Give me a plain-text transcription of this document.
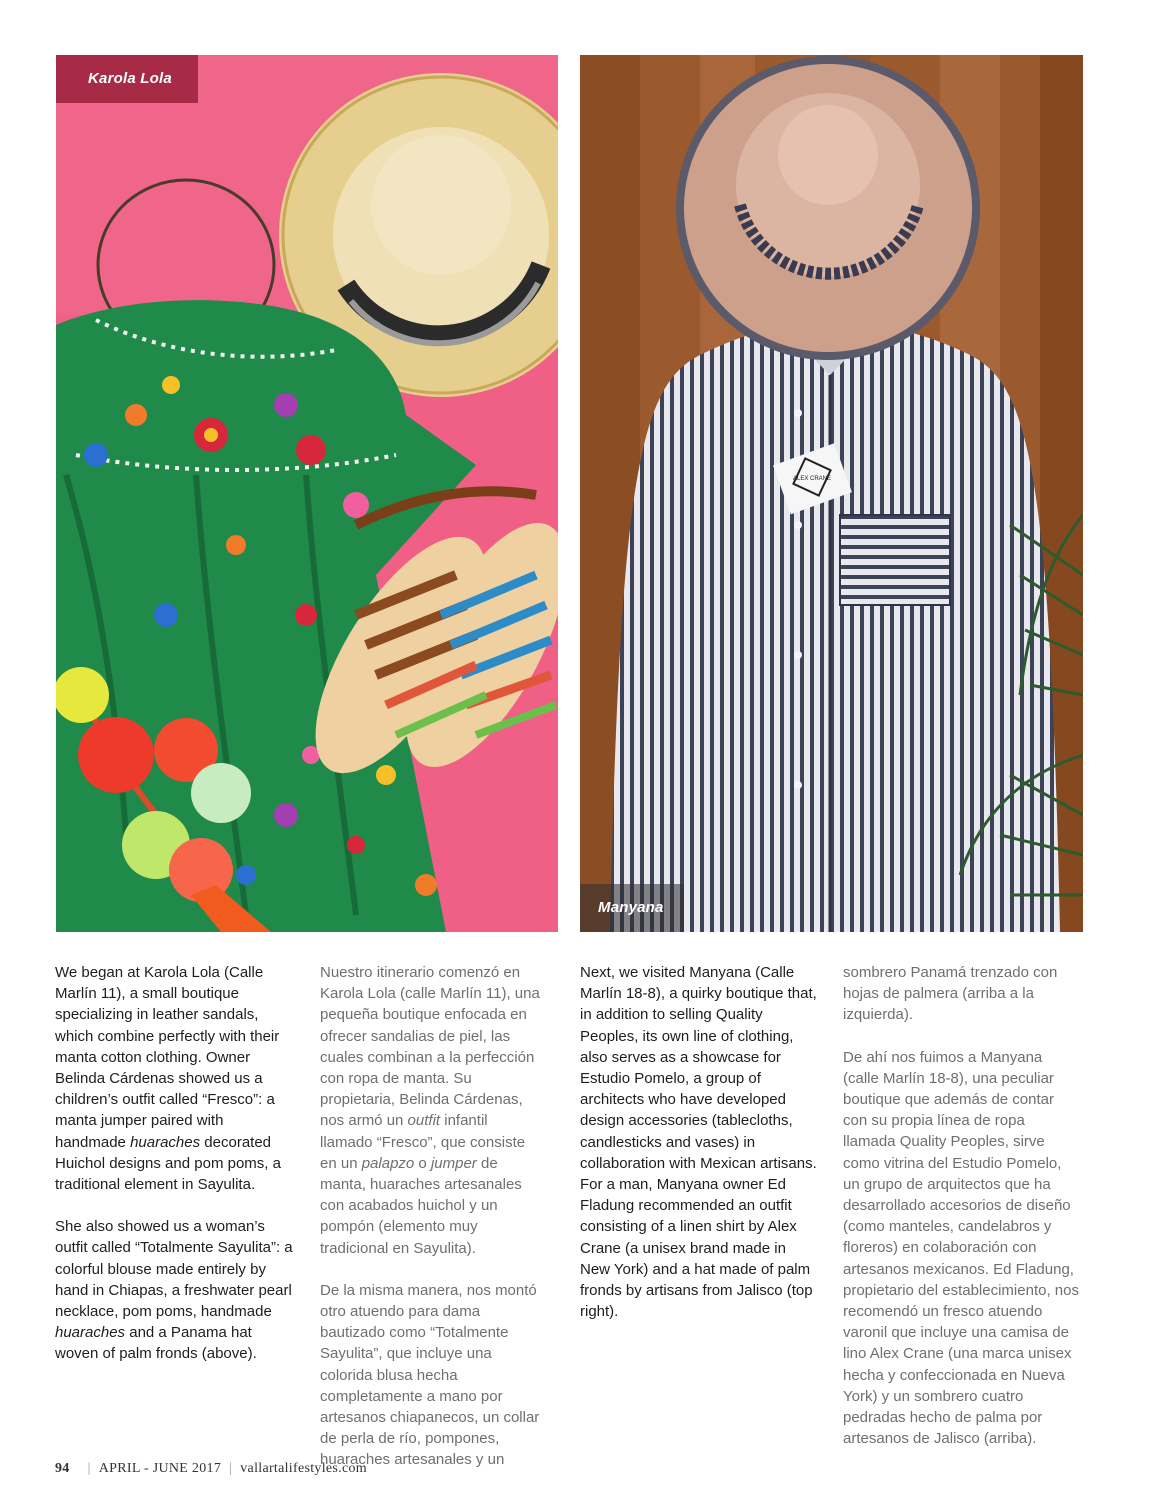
Karola Lola
ALEX CRANE
Manyana

We began at Karola Lola (Calle Marlín 11), a small boutique specializing in leather sandals, which combine perfectly with their manta cotton clothing. Owner Belinda Cárdenas showed us a children’s outfit called “Fresco”: a manta jumper paired with handmade huaraches decorated Huichol designs and pom poms, a traditional element in Sayulita.

She also showed us a woman’s outfit called “Totalmente Sayulita”: a colorful blouse made entirely by hand in Chiapas, a freshwater pearl necklace, pom poms, handmade huaraches and a Panama hat woven of palm fronds (above).

Nuestro itinerario comenzó en Karola Lola (calle Marlín 11), una pequeña boutique enfocada en ofrecer sandalias de piel, las cuales combinan a la perfección con ropa de manta. Su propietaria, Belinda Cárdenas, nos armó un outfit infantil llamado “Fresco”, que consiste en un palapzo o jumper de manta, huaraches artesanales con acabados huichol y un pompón (elemento muy tradicional en Sayulita).

De la misma manera, nos montó otro atuendo para dama bautizado como “Totalmente Sayulita”, que incluye una colorida blusa hecha completamente a mano por artesanos chiapanecos, un collar de perla de río, pompones, huaraches artesanales y un

Next, we visited Manyana (Calle Marlín 18-8), a quirky boutique that, in addition to selling Quality Peoples, its own line of clothing, also serves as a showcase for Estudio Pomelo, a group of architects who have developed design accessories (tablecloths, candlesticks and vases) in collaboration with Mexican artisans. For a man, Manyana owner Ed Fladung recommended an outfit consisting of a linen shirt by Alex Crane (a unisex brand made in New York) and a hat made of palm fronds by artisans from Jalisco (top right).

sombrero Panamá trenzado con hojas de palmera (arriba a la izquierda).

De ahí nos fuimos a Manyana (calle Marlín 18-8), una peculiar boutique que además de contar con su propia línea de ropa llamada Quality Peoples, sirve como vitrina del Estudio Pomelo, un grupo de arquitectos que ha desarrollado accesorios de diseño (como manteles, candelabros y floreros) en colaboración con artesanos mexicanos. Ed Fladung, propietario del establecimiento, nos recomendó un fresco atuendo varonil que incluye una camisa de lino Alex Crane (una marca unisex hecha y confeccionada en Nueva York) y un sombrero cuatro pedradas hecho de palma por artesanos de Jalisco (arriba).

94 | APRIL - JUNE 2017 | vallartalifestyles.com
